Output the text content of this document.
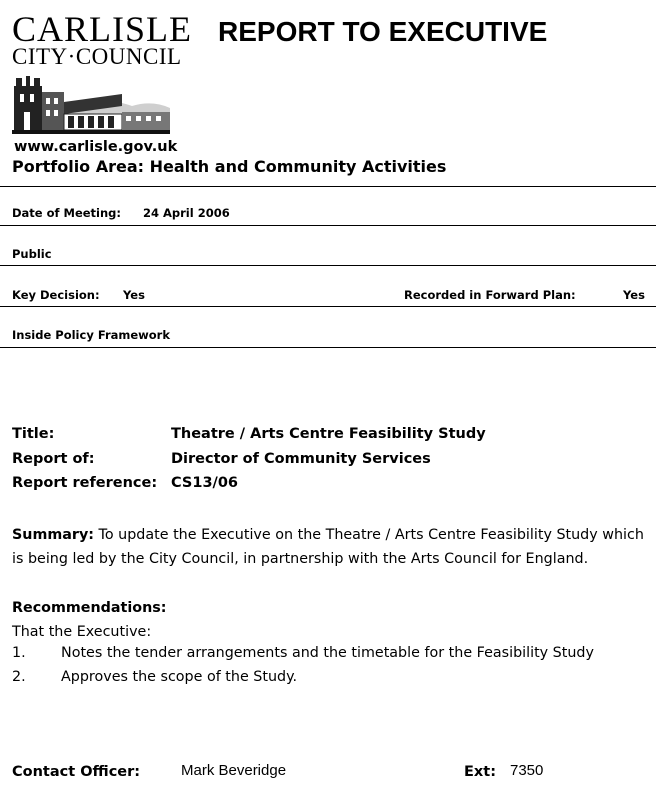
CARLISLE
CITY·COUNCIL
www.carlisle.gov.uk
REPORT TO EXECUTIVE
Portfolio Area: Health and Community Activities
Date of Meeting: 24 April 2006
Public
Key Decision: Yes	Recorded in Forward Plan:	Yes
Inside Policy Framework
Title:	Theatre / Arts Centre Feasibility Study
Report of:	Director of Community Services
Report reference: CS13/06
Summary: To update the Executive on the Theatre / Arts Centre Feasibility Study which is being led by the City Council, in partnership with the Arts Council for England.
Recommendations:
That the Executive:
1. Notes the tender arrangements and the timetable for the Feasibility Study
2. Approves the scope of the Study.
Contact Officer:	Mark Beveridge	Ext: 7350
